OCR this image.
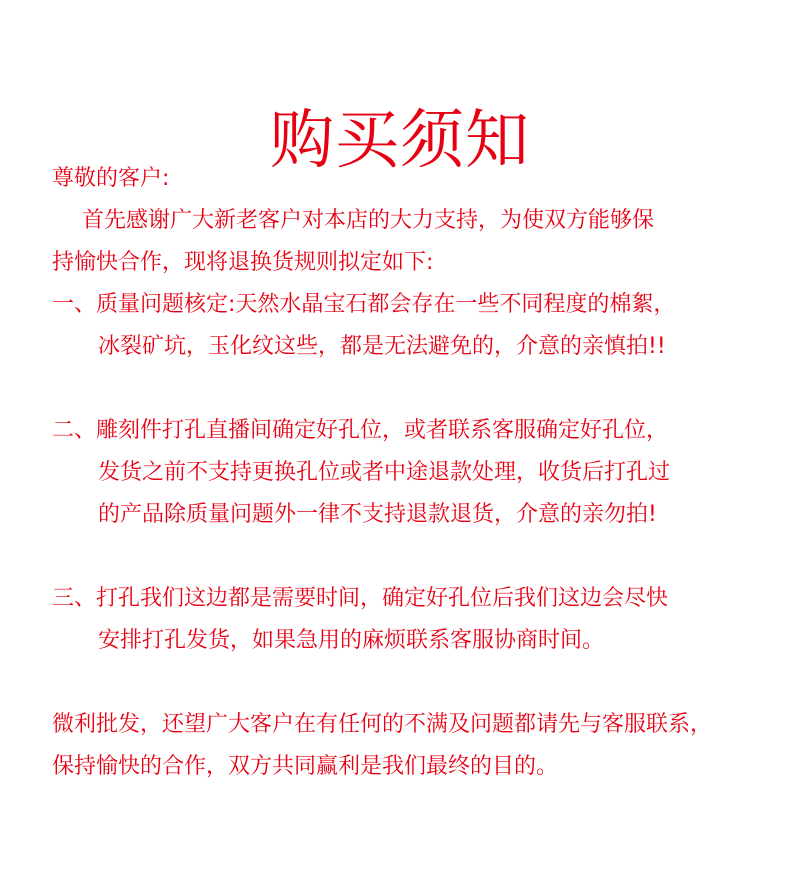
购买须知
尊敬的客户:
首先感谢广大新老客户对本店的大力支持，为使双方能够保
持愉快合作，现将退换货规则拟定如下:
一、质量问题核定:天然水晶宝石都会存在一些不同程度的棉絮，
冰裂矿坑，玉化纹这些，都是无法避免的，介意的亲慎拍!!
二、雕刻件打孔直播间确定好孔位，或者联系客服确定好孔位，
发货之前不支持更换孔位或者中途退款处理，收货后打孔过
的产品除质量问题外一律不支持退款退货，介意的亲勿拍!
三、打孔我们这边都是需要时间，确定好孔位后我们这边会尽快
安排打孔发货，如果急用的麻烦联系客服协商时间。
微利批发，还望广大客户在有任何的不满及问题都请先与客服联系，
保持愉快的合作，双方共同赢利是我们最终的目的。
